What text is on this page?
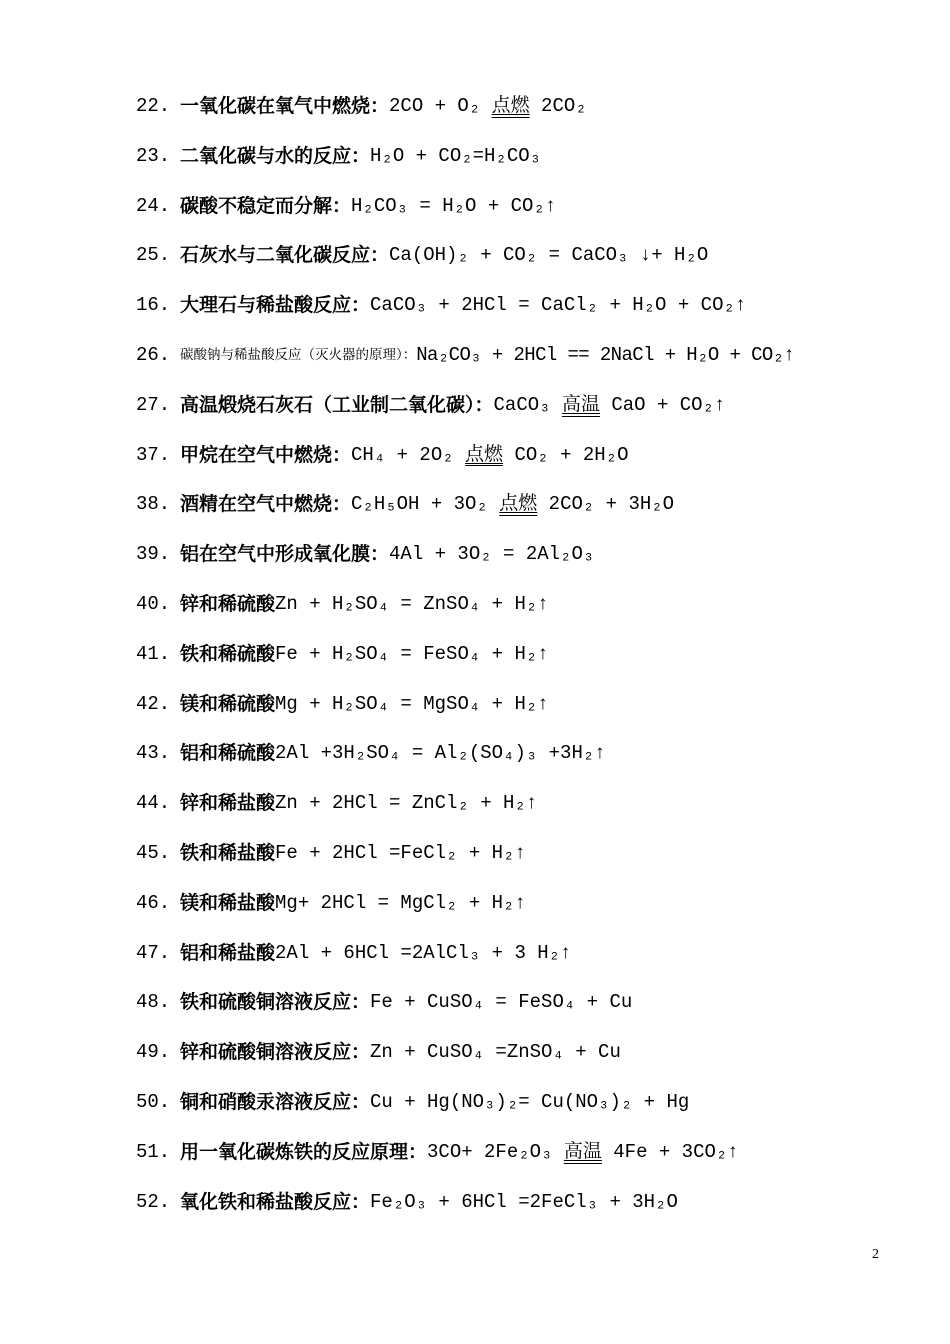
22. 一氧化碳在氧气中燃烧： 2CO + O₂ 点燃 2CO₂
23. 二氧化碳与水的反应： H₂O + CO₂=H₂CO₃
24. 碳酸不稳定而分解： H₂CO₃ = H₂O + CO₂↑
25. 石灰水与二氧化碳反应： Ca(OH)₂ + CO₂ = CaCO₃ ↓+ H₂O
16. 大理石与稀盐酸反应： CaCO₃ + 2HCl = CaCl₂ + H₂O + CO₂↑
26. 碳酸钠与稀盐酸反应（灭火器的原理）： Na₂CO₃ + 2HCl == 2NaCl + H₂O + CO₂↑
27. 高温煅烧石灰石（工业制二氧化碳）： CaCO₃ 高温 CaO + CO₂↑
37. 甲烷在空气中燃烧： CH₄ + 2O₂ 点燃 CO₂ + 2H₂O
38. 酒精在空气中燃烧： C₂H₅OH + 3O₂ 点燃 2CO₂ + 3H₂O
39. 铝在空气中形成氧化膜： 4Al + 3O₂ = 2Al₂O₃
40. 锌和稀硫酸 Zn + H₂SO₄ = ZnSO₄ + H₂↑
41. 铁和稀硫酸 Fe + H₂SO₄ = FeSO₄ + H₂↑
42. 镁和稀硫酸 Mg + H₂SO₄ = MgSO₄ + H₂↑
43. 铝和稀硫酸 2Al +3H₂SO₄ = Al₂(SO₄)₃ +3H₂↑
44. 锌和稀盐酸 Zn + 2HCl = ZnCl₂ + H₂↑
45. 铁和稀盐酸 Fe + 2HCl =FeCl₂ + H₂↑
46. 镁和稀盐酸 Mg+ 2HCl = MgCl₂ + H₂↑
47. 铝和稀盐酸 2Al + 6HCl =2AlCl₃ + 3 H₂↑
48. 铁和硫酸铜溶液反应： Fe + CuSO₄ = FeSO₄ + Cu
49. 锌和硫酸铜溶液反应： Zn + CuSO₄ =ZnSO₄ + Cu
50. 铜和硝酸汞溶液反应： Cu + Hg(NO₃)₂= Cu(NO₃)₂ + Hg
51. 用一氧化碳炼铁的反应原理： 3CO+ 2Fe₂O₃ 高温 4Fe + 3CO₂↑
52. 氧化铁和稀盐酸反应： Fe₂O₃ + 6HCl =2FeCl₃ + 3H₂O
2
